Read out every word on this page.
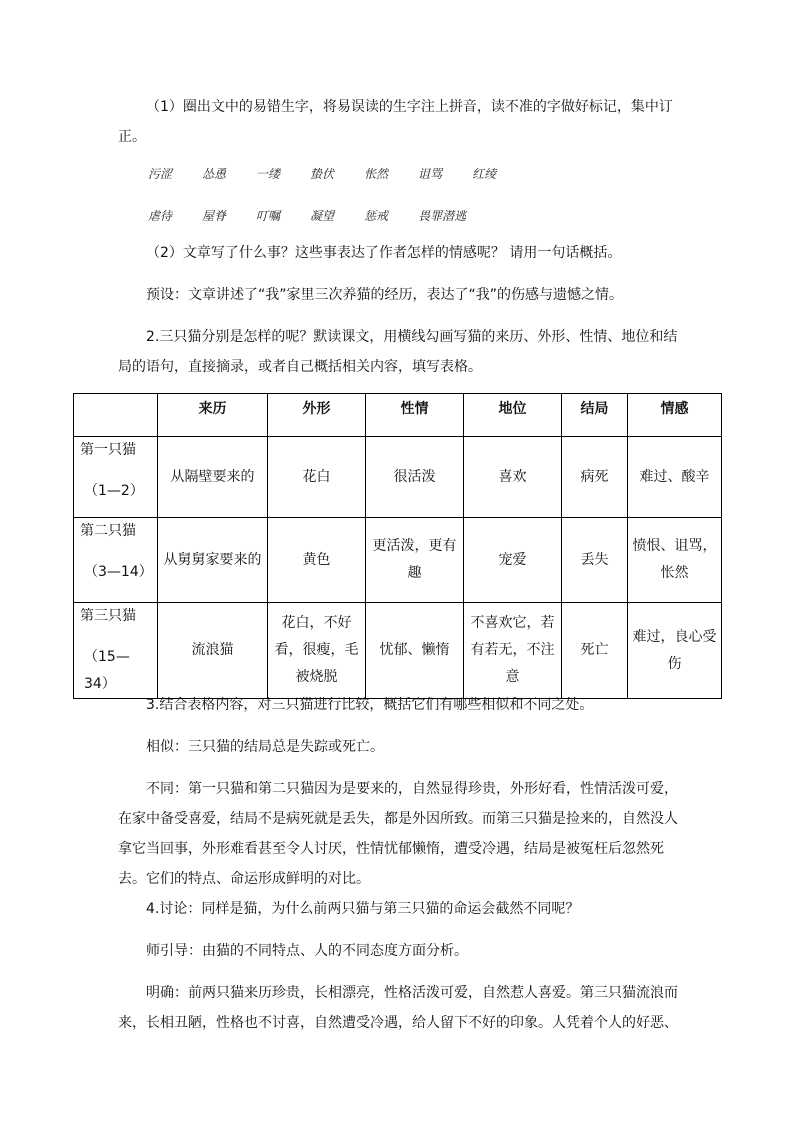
（1）圈出文中的易错生字，将易误读的生字注上拼音，读不准的字做好标记，集中订正。

污涩	怂恿	一缕	蛰伏	怅然	诅骂	红绫
虐待	屋脊	叮嘱	凝望	惩戒	畏罪潜逃

（2）文章写了什么事？这些事表达了作者怎样的情感呢？ 请用一句话概括。

预设：文章讲述了“我”家里三次养猫的经历，表达了“我”的伤感与遗憾之情。

2.三只猫分别是怎样的呢？默读课文，用横线勾画写猫的来历、外形、性情、地位和结局的语句，直接摘录，或者自己概括相关内容，填写表格。

	来历	外形	性情	地位	结局	情感
第一只猫
（1—2）	从隔壁要来的	花白	很活泼	喜欢	病死	难过、酸辛
第二只猫
（3—14）	从舅舅家要来的	黄色	更活泼，更有趣	宠爱	丢失	愤恨、诅骂，怅然
第三只猫
（15—34）	流浪猫	花白，不好看，很瘦，毛被烧脱	忧郁、懒惰	不喜欢它，若有若无，不注意	死亡	难过，良心受伤

3.结合表格内容，对三只猫进行比较，概括它们有哪些相似和不同之处。

相似：三只猫的结局总是失踪或死亡。

不同：第一只猫和第二只猫因为是要来的，自然显得珍贵，外形好看，性情活泼可爱，在家中备受喜爱，结局不是病死就是丢失，都是外因所致。而第三只猫是捡来的，自然没人拿它当回事，外形难看甚至令人讨厌，性情忧郁懒惰，遭受冷遇，结局是被冤枉后忽然死去。它们的特点、命运形成鲜明的对比。

4.讨论：同样是猫，为什么前两只猫与第三只猫的命运会截然不同呢？

师引导：由猫的不同特点、人的不同态度方面分析。

明确：前两只猫来历珍贵，长相漂亮，性格活泼可爱，自然惹人喜爱。第三只猫流浪而来，长相丑陋，性格也不讨喜，自然遭受冷遇，给人留下不好的印象。人凭着个人的好恶、
